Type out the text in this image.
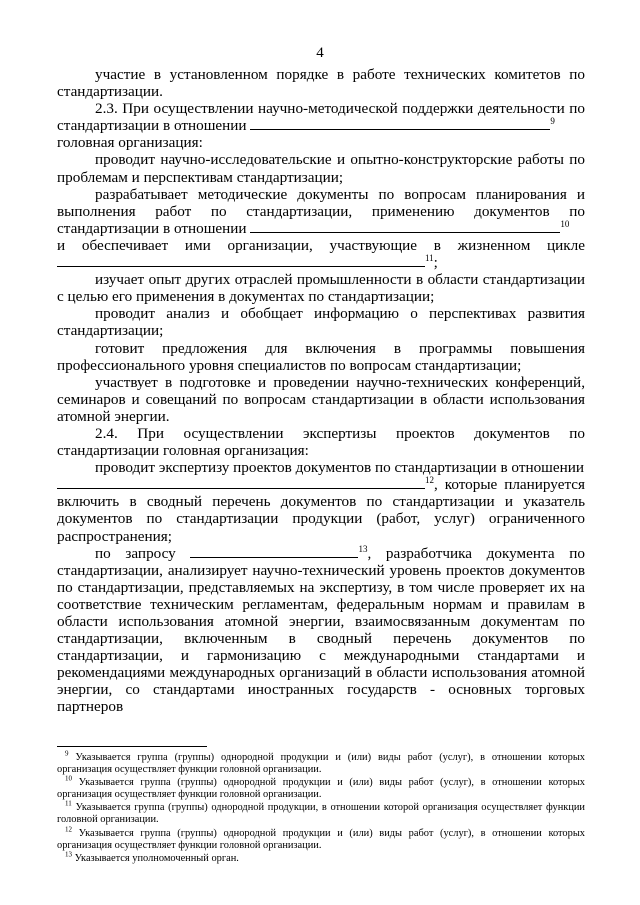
4

участие в установленном порядке в работе технических комитетов по стандартизации.

2.3. При осуществлении научно-методической поддержки деятельности по стандартизации в отношении	$^9$
головная организация:

проводит научно-исследовательские и опытно-конструкторские работы по проблемам и перспективам стандартизации;

разрабатывает методические документы по вопросам планирования и выполнения работ по стандартизации, применению документов по стандартизации в отношении	$^{10}$

и обеспечивает ими организации, участвующие в жизненном цикле
$^{11}$;

изучает опыт других отраслей промышленности в области стандартизации с целью его применения в документах по стандартизации;

проводит анализ и обобщает информацию о перспективах развития стандартизации;

готовит предложения для включения в программы повышения профессионального уровня специалистов по вопросам стандартизации;

участвует в подготовке и проведении научно-технических конференций, семинаров и совещаний по вопросам стандартизации в области использования атомной энергии.

2.4. При осуществлении экспертизы проектов документов по стандартизации головная организация:

проводит экспертизу проектов документов по стандартизации в отношении
$^{12}$, которые планируется включить в сводный перечень документов по стандартизации и указатель документов по стандартизации продукции (работ, услуг) ограниченного распространения;

по запросу	$^{13}$, разработчика документа по стандартизации, анализирует научно-технический уровень проектов документов по стандартизации, представляемых на экспертизу, в том числе проверяет их на соответствие техническим регламентам, федеральным нормам и правилам в области использования атомной энергии, взаимосвязанным документам по стандартизации, включенным в сводный перечень документов по стандартизации, и гармонизацию с международными стандартами и рекомендациями международных организаций в области использования атомной энергии, со стандартами иностранных государств - основных торговых партнеров

$^9$ Указывается группа (группы) однородной продукции и (или) виды работ (услуг), в отношении которых организация осуществляет функции головной организации.

$^{10}$ Указывается группа (группы) однородной продукции и (или) виды работ (услуг), в отношении которых организация осуществляет функции головной организации.

$^{11}$ Указывается группа (группы) однородной продукции, в отношении которой организация осуществляет функции головной организации.

$^{12}$ Указывается группа (группы) однородной продукции и (или) виды работ (услуг), в отношении которых организация осуществляет функции головной организации.

$^{13}$ Указывается уполномоченный орган.
